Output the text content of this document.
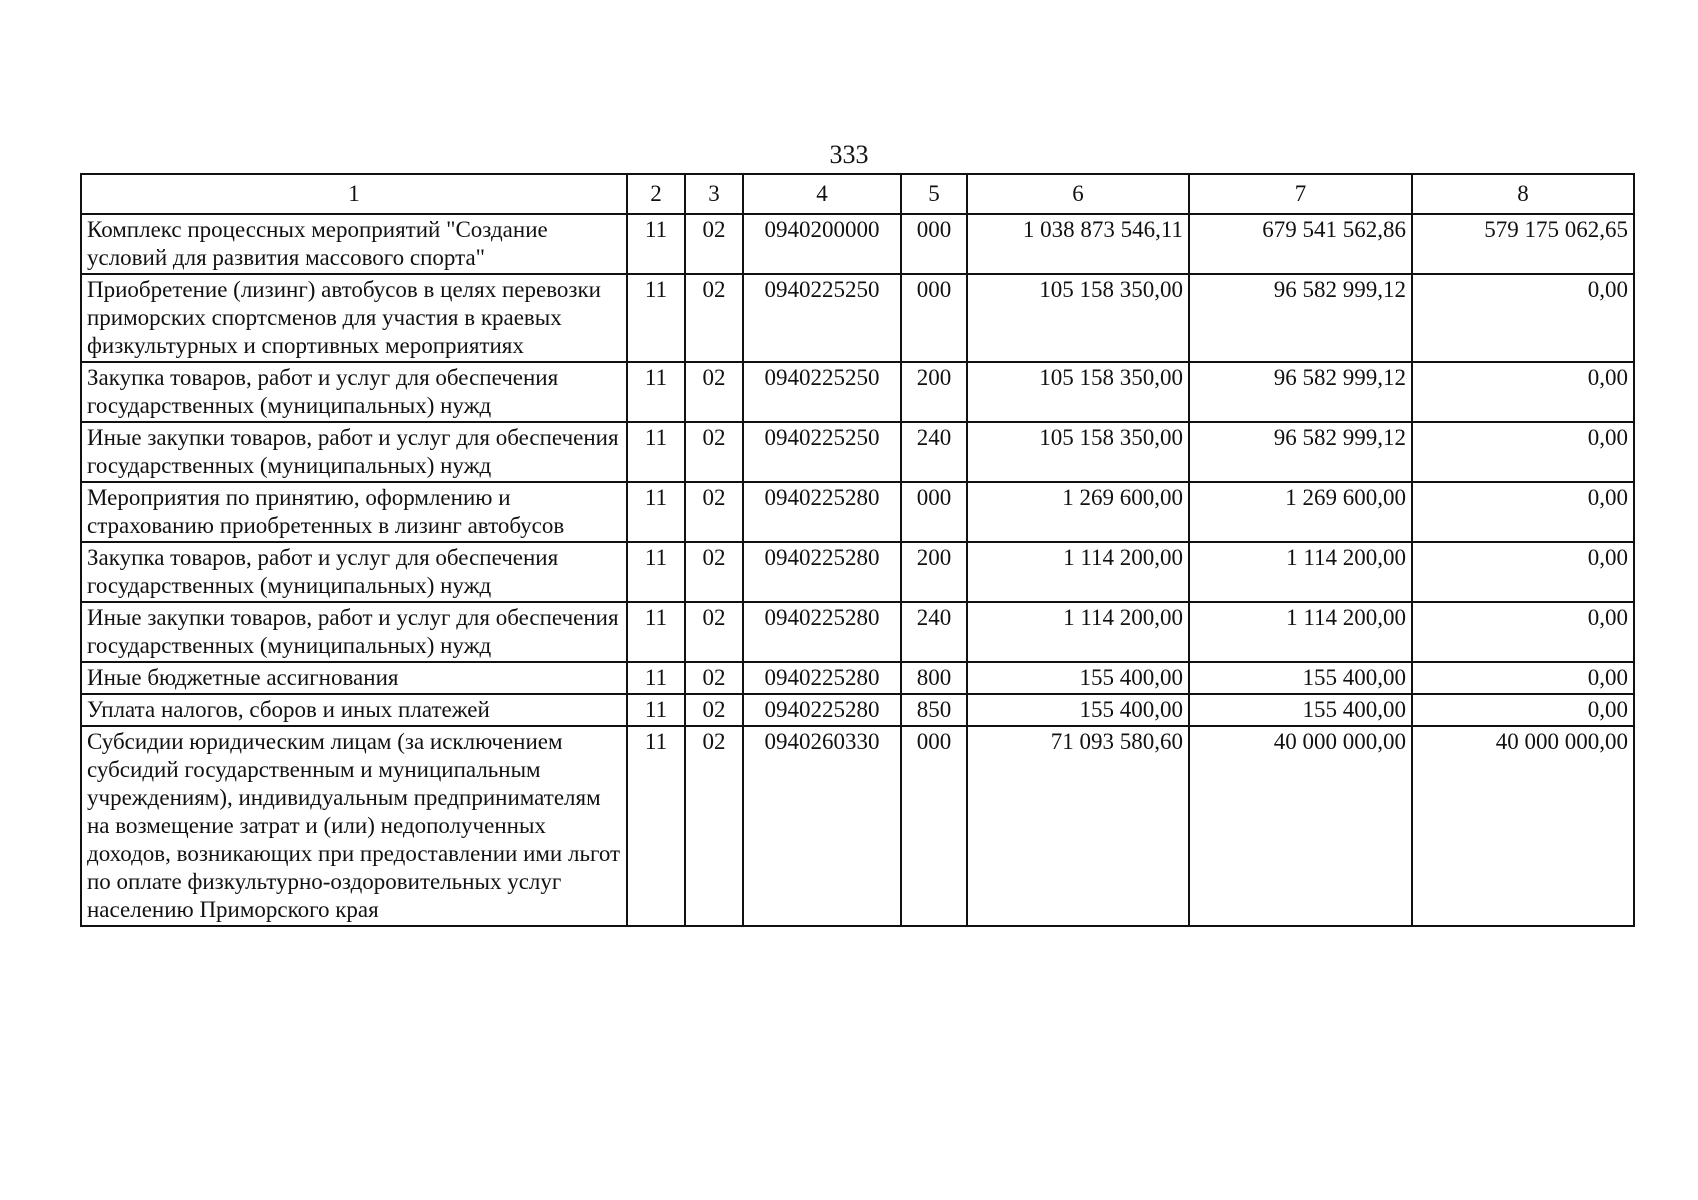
333
1	2	3	4	5	6	7	8
Комплекс процессных мероприятий "Создание условий для развития массового спорта"	11	02	0940200000	000	1 038 873 546,11	679 541 562,86	579 175 062,65
Приобретение (лизинг) автобусов в целях перевозки приморских спортсменов для участия в краевых физкультурных и спортивных мероприятиях	11	02	0940225250	000	105 158 350,00	96 582 999,12	0,00
Закупка товаров, работ и услуг для обеспечения государственных (муниципальных) нужд	11	02	0940225250	200	105 158 350,00	96 582 999,12	0,00
Иные закупки товаров, работ и услуг для обеспечения государственных (муниципальных) нужд	11	02	0940225250	240	105 158 350,00	96 582 999,12	0,00
Мероприятия по принятию, оформлению и страхованию приобретенных в лизинг автобусов	11	02	0940225280	000	1 269 600,00	1 269 600,00	0,00
Закупка товаров, работ и услуг для обеспечения государственных (муниципальных) нужд	11	02	0940225280	200	1 114 200,00	1 114 200,00	0,00
Иные закупки товаров, работ и услуг для обеспечения государственных (муниципальных) нужд	11	02	0940225280	240	1 114 200,00	1 114 200,00	0,00
Иные бюджетные ассигнования	11	02	0940225280	800	155 400,00	155 400,00	0,00
Уплата налогов, сборов и иных платежей	11	02	0940225280	850	155 400,00	155 400,00	0,00
Субсидии юридическим лицам (за исключением субсидий государственным и муниципальным учреждениям), индивидуальным предпринимателям на возмещение затрат и (или) недополученных доходов, возникающих при предоставлении ими льгот по оплате физкультурно-оздоровительных услуг населению Приморского края	11	02	0940260330	000	71 093 580,60	40 000 000,00	40 000 000,00
